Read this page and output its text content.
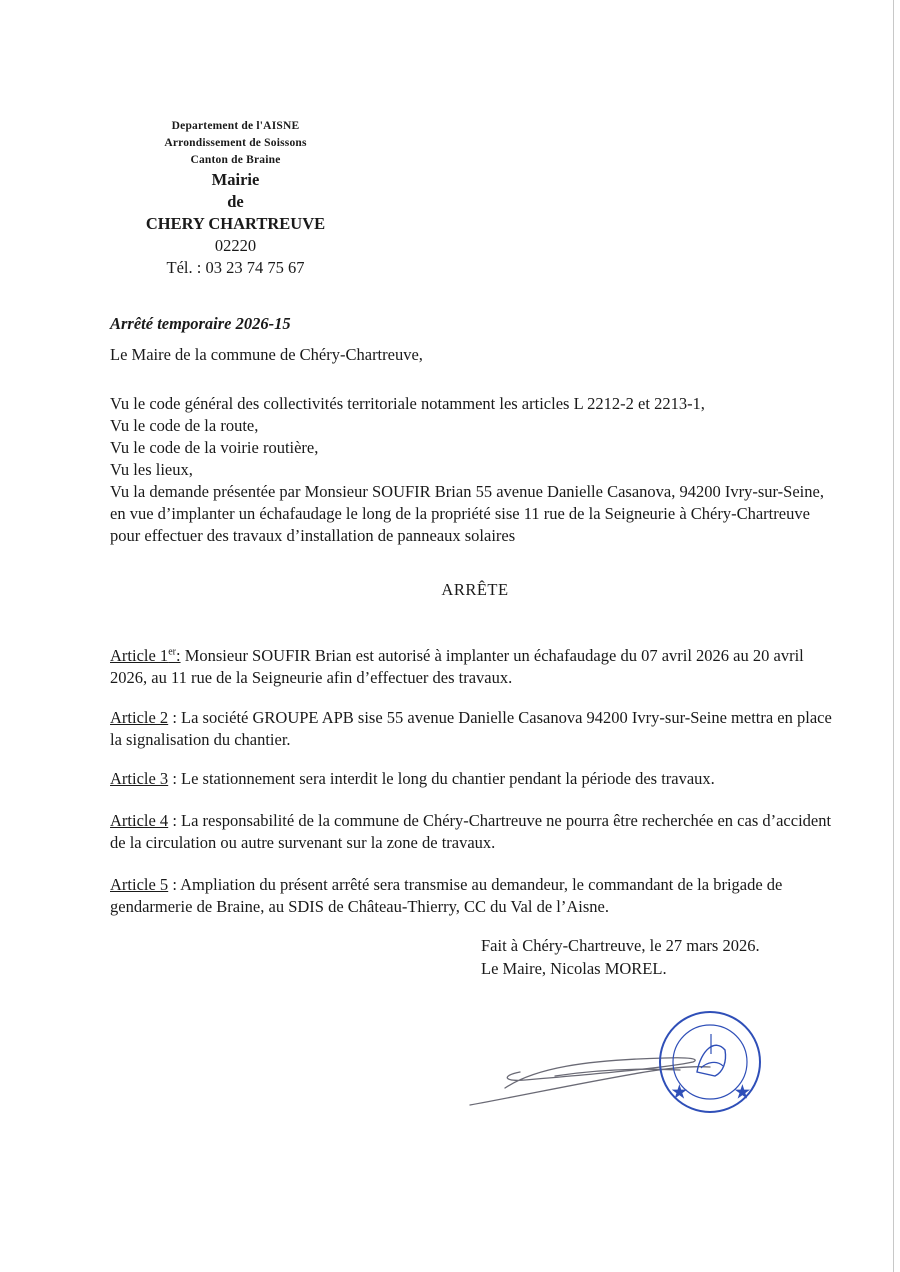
Departement de l'AISNE
Arrondissement de Soissons
Canton de Braine
Mairie
de
CHERY CHARTREUVE
02220
Tél. : 03 23 74 75 67
Arrêté temporaire 2026-15

Le Maire de la commune de Chéry-Chartreuve,

Vu le code général des collectivités territoriale notamment les articles L 2212-2 et 2213-1,

Vu le code de la route,

Vu le code de la voirie routière,

Vu les lieux,

Vu la demande présentée par Monsieur SOUFIR Brian 55 avenue Danielle Casanova, 94200 Ivry-sur-Seine, en vue d’implanter un échafaudage le long de la propriété sise 11 rue de la Seigneurie à Chéry-Chartreuve pour effectuer des travaux d’installation de panneaux solaires

ARRÊTE

Article 1er: Monsieur SOUFIR Brian est autorisé à implanter un échafaudage du 07 avril 2026 au 20 avril 2026, au 11 rue de la Seigneurie afin d’effectuer des travaux.

Article 2 : La société GROUPE APB sise 55 avenue Danielle Casanova 94200 Ivry-sur-Seine mettra en place la signalisation du chantier.

Article 3 : Le stationnement sera interdit le long du chantier pendant la période des travaux.

Article 4 : La responsabilité de la commune de Chéry-Chartreuve ne pourra être recherchée en cas d’accident de la circulation ou autre survenant sur la zone de travaux.

Article 5 : Ampliation du présent arrêté sera transmise au demandeur, le commandant de la brigade de gendarmerie de Braine, au SDIS de Château-Thierry, CC du Val de l’Aisne.

Fait à Chéry-Chartreuve, le 27 mars 2026.
Le Maire, Nicolas MOREL.
★	★
